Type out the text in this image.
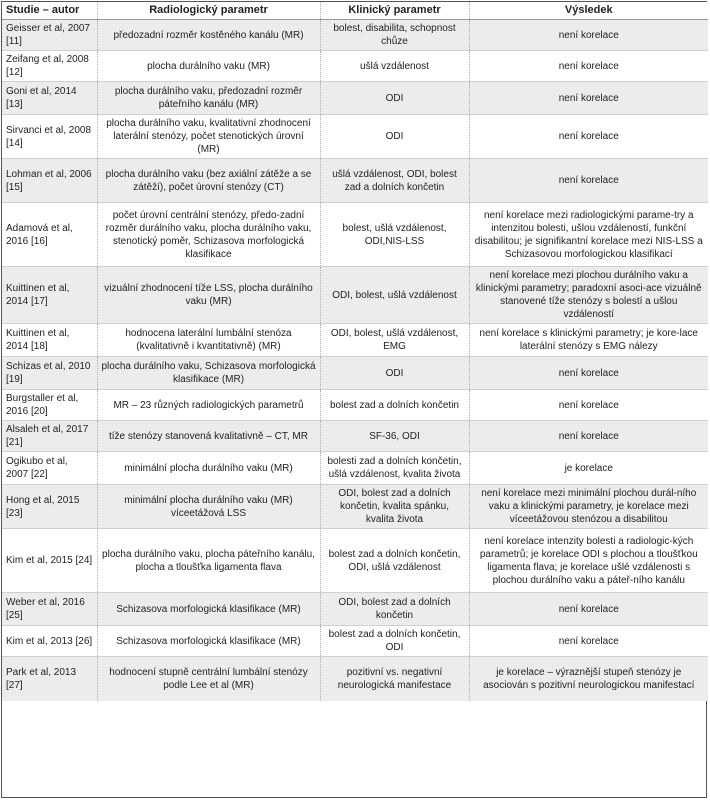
Studie – autor	Radiologický parametr	Klinický parametr	Výsledek
Geisser et al, 2007 [11]	předozadní rozměr kostěného kanálu (MR)	bolest, disabilita, schopnost chůze	není korelace
Zeifang et al, 2008 [12]	plocha durálního vaku (MR)	ušlá vzdálenost	není korelace
Goni et al, 2014 [13]	plocha durálního vaku, předozadní rozměr páteřního kanálu (MR)	ODI	není korelace
Sirvanci et al, 2008 [14]	plocha durálního vaku, kvalitativní zhodnocení laterální stenózy, počet stenotických úrovní (MR)	ODI	není korelace
Lohman et al, 2006 [15]	plocha durálního vaku (bez axiální zátěže a se zátěží), počet úrovní stenózy (CT)	ušlá vzdálenost, ODI, bolest zad a dolních končetin	není korelace
Adamová et al, 2016 [16]	počet úrovní centrální stenózy, předo-zadní rozměr durálního vaku, plocha durálního vaku, stenotický poměr, Schizasova morfologická klasifikace	bolest, ušlá vzdálenost, ODI,NIS-LSS	není korelace mezi radiologickými parame-try a intenzitou bolesti, ušlou vzdáleností, funkční disabilitou; je signifikantní korelace mezi NIS-LSS a Schizasovou morfologickou klasifikací
Kuittinen et al, 2014 [17]	vizuální zhodnocení tíže LSS, plocha durálního vaku (MR)	ODI, bolest, ušlá vzdálenost	není korelace mezi plochou durálního vaku a klinickými parametry; paradoxní asoci-ace vizuálně stanovené tíže stenózy s bolestí a ušlou vzdáleností
Kuittinen et al, 2014 [18]	hodnocena laterální lumbální stenóza (kvalitativně i kvantitativně) (MR)	ODI, bolest, ušlá vzdálenost, EMG	není korelace s klinickými parametry; je kore-lace laterální stenózy s EMG nálezy
Schizas et al, 2010 [19]	plocha durálního vaku, Schizasova morfologická klasifikace (MR)	ODI	není korelace
Burgstaller et al, 2016 [20]	MR – 23 různých radiologických parametrů	bolest zad a dolních končetin	není korelace
Alsaleh et al, 2017 [21]	tíže stenózy stanovená kvalitativně – CT, MR	SF-36, ODI	není korelace
Ogikubo et al, 2007 [22]	minimální plocha durálního vaku (MR)	bolesti zad a dolních končetin, ušlá vzdálenost, kvalita života	je korelace
Hong et al, 2015 [23]	minimální plocha durálního vaku (MR) víceetážová LSS	ODI, bolest zad a dolních končetin, kvalita spánku, kvalita života	není korelace mezi minimální plochou durál-ního vaku a klinickými parametry, je korelace mezi víceetážovou stenózou a disabilitou
Kim et al, 2015 [24]	plocha durálního vaku, plocha páteřního kanálu, plocha a tloušťka ligamenta flava	bolest zad a dolních končetin, ODI, ušlá vzdálenost	není korelace intenzity bolesti a radiologic-kých parametrů; je korelace ODI s plochou a tloušťkou ligamenta flava; je korelace ušlé vzdálenosti s plochou durálního vaku a páteř-ního kanálu
Weber et al, 2016 [25]	Schizasova morfologická klasifikace (MR)	ODI, bolest zad a dolních končetin	není korelace
Kim et al, 2013 [26]	Schizasova morfologická klasifikace (MR)	bolest zad a dolních končetin, ODI	není korelace
Park et al, 2013 [27]	hodnocení stupně centrální lumbální stenózy podle Lee et al (MR)	pozitivní vs. negativní neurologická manifestace	je korelace – výraznější stupeň stenózy je asociován s pozitivní neurologickou manifestací
